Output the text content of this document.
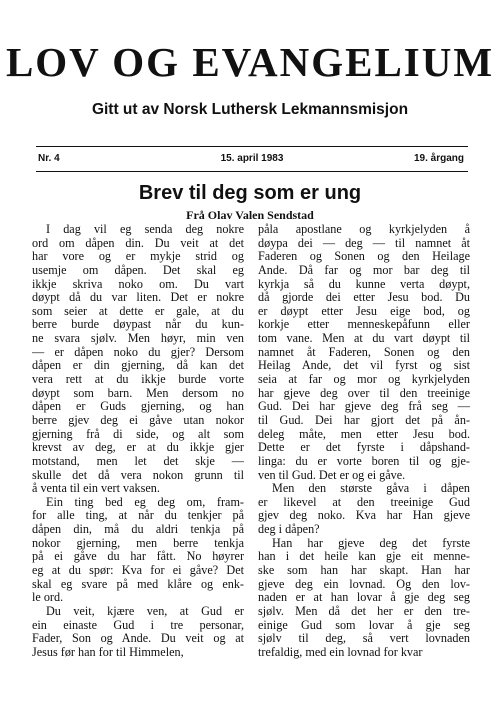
LOV OG EVANGELIUM
Gitt ut av Norsk Luthersk Lekmannsmisjon
Nr. 4	15. april 1983	19. årgang
Brev til deg som er ung
Frå Olav Valen Sendstad
I dag vil eg senda deg nokre
ord om dåpen din. Du veit at det
har vore og er mykje strid og
usemje om dåpen. Det skal eg
ikkje skriva noko om. Du vart
døypt då du var liten. Det er nokre
som seier at dette er gale, at du
berre burde døypast når du kun-
ne svara sjølv. Men høyr, min ven
— er dåpen noko du gjer? Dersom
dåpen er din gjerning, då kan det
vera rett at du ikkje burde vorte
døypt som barn. Men dersom no
dåpen er Guds gjerning, og han
berre gjev deg ei gåve utan nokor
gjerning frå di side, og alt som
krevst av deg, er at du ikkje gjer
motstand, men let det skje —
skulle det då vera nokon grunn til
å venta til ein vert vaksen.
Ein ting bed eg deg om, fram-
for alle ting, at når du tenkjer på
dåpen din, må du aldri tenkja på
nokor gjerning, men berre tenkja
på ei gåve du har fått. No høyrer
eg at du spør: Kva for ei gåve? Det
skal eg svare på med klåre og enk-
le ord.
Du veit, kjære ven, at Gud er
ein einaste Gud i tre personar,
Fader, Son og Ande. Du veit og at
Jesus før han for til Himmelen,
påla apostlane og kyrkjelyden å
døypa dei — deg — til namnet åt
Faderen og Sonen og den Heilage
Ande. Då far og mor bar deg til
kyrkja så du kunne verta døypt,
då gjorde dei etter Jesu bod. Du
er døypt etter Jesu eige bod, og
korkje etter menneskepåfunn eller
tom vane. Men at du vart døypt til
namnet åt Faderen, Sonen og den
Heilag Ande, det vil fyrst og sist
seia at far og mor og kyrkjelyden
har gjeve deg over til den treeinige
Gud. Dei har gjeve deg frå seg —
til Gud. Dei har gjort det på ån-
deleg måte, men etter Jesu bod.
Dette er det fyrste i dåpshand-
linga: du er vorte boren til og gje-
ven til Gud. Det er og ei gåve.
Men den største gåva i dåpen
er likevel at den treeinige Gud
gjev deg noko. Kva har Han gjeve
deg i dåpen?
Han har gjeve deg det fyrste
han i det heile kan gje eit menne-
ske som han har skapt. Han har
gjeve deg ein lovnad. Og den lov-
naden er at han lovar å gje deg seg
sjølv. Men då det her er den tre-
einige Gud som lovar å gje seg
sjølv til deg, så vert lovnaden
trefaldig, med ein lovnad for kvar
